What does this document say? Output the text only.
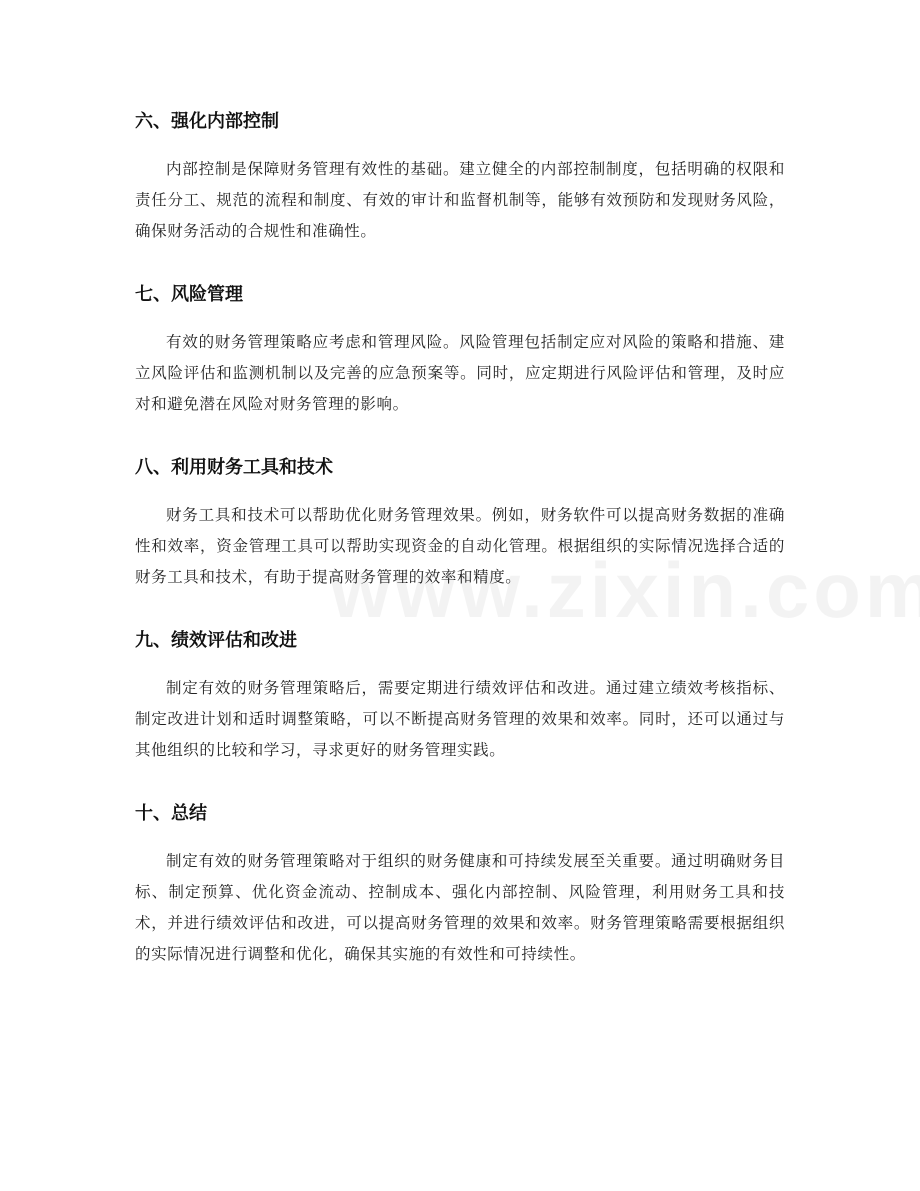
六、强化内部控制

内部控制是保障财务管理有效性的基础。建立健全的内部控制制度，包括明确的权限和责任分工、规范的流程和制度、有效的审计和监督机制等，能够有效预防和发现财务风险，确保财务活动的合规性和准确性。

七、风险管理

有效的财务管理策略应考虑和管理风险。风险管理包括制定应对风险的策略和措施、建立风险评估和监测机制以及完善的应急预案等。同时，应定期进行风险评估和管理，及时应对和避免潜在风险对财务管理的影响。

八、利用财务工具和技术

财务工具和技术可以帮助优化财务管理效果。例如，财务软件可以提高财务数据的准确性和效率，资金管理工具可以帮助实现资金的自动化管理。根据组织的实际情况选择合适的财务工具和技术，有助于提高财务管理的效率和精度。

九、绩效评估和改进

制定有效的财务管理策略后，需要定期进行绩效评估和改进。通过建立绩效考核指标、制定改进计划和适时调整策略，可以不断提高财务管理的效果和效率。同时，还可以通过与其他组织的比较和学习，寻求更好的财务管理实践。

十、总结

制定有效的财务管理策略对于组织的财务健康和可持续发展至关重要。通过明确财务目标、制定预算、优化资金流动、控制成本、强化内部控制、风险管理，利用财务工具和技术，并进行绩效评估和改进，可以提高财务管理的效果和效率。财务管理策略需要根据组织的实际情况进行调整和优化，确保其实施的有效性和可持续性。
